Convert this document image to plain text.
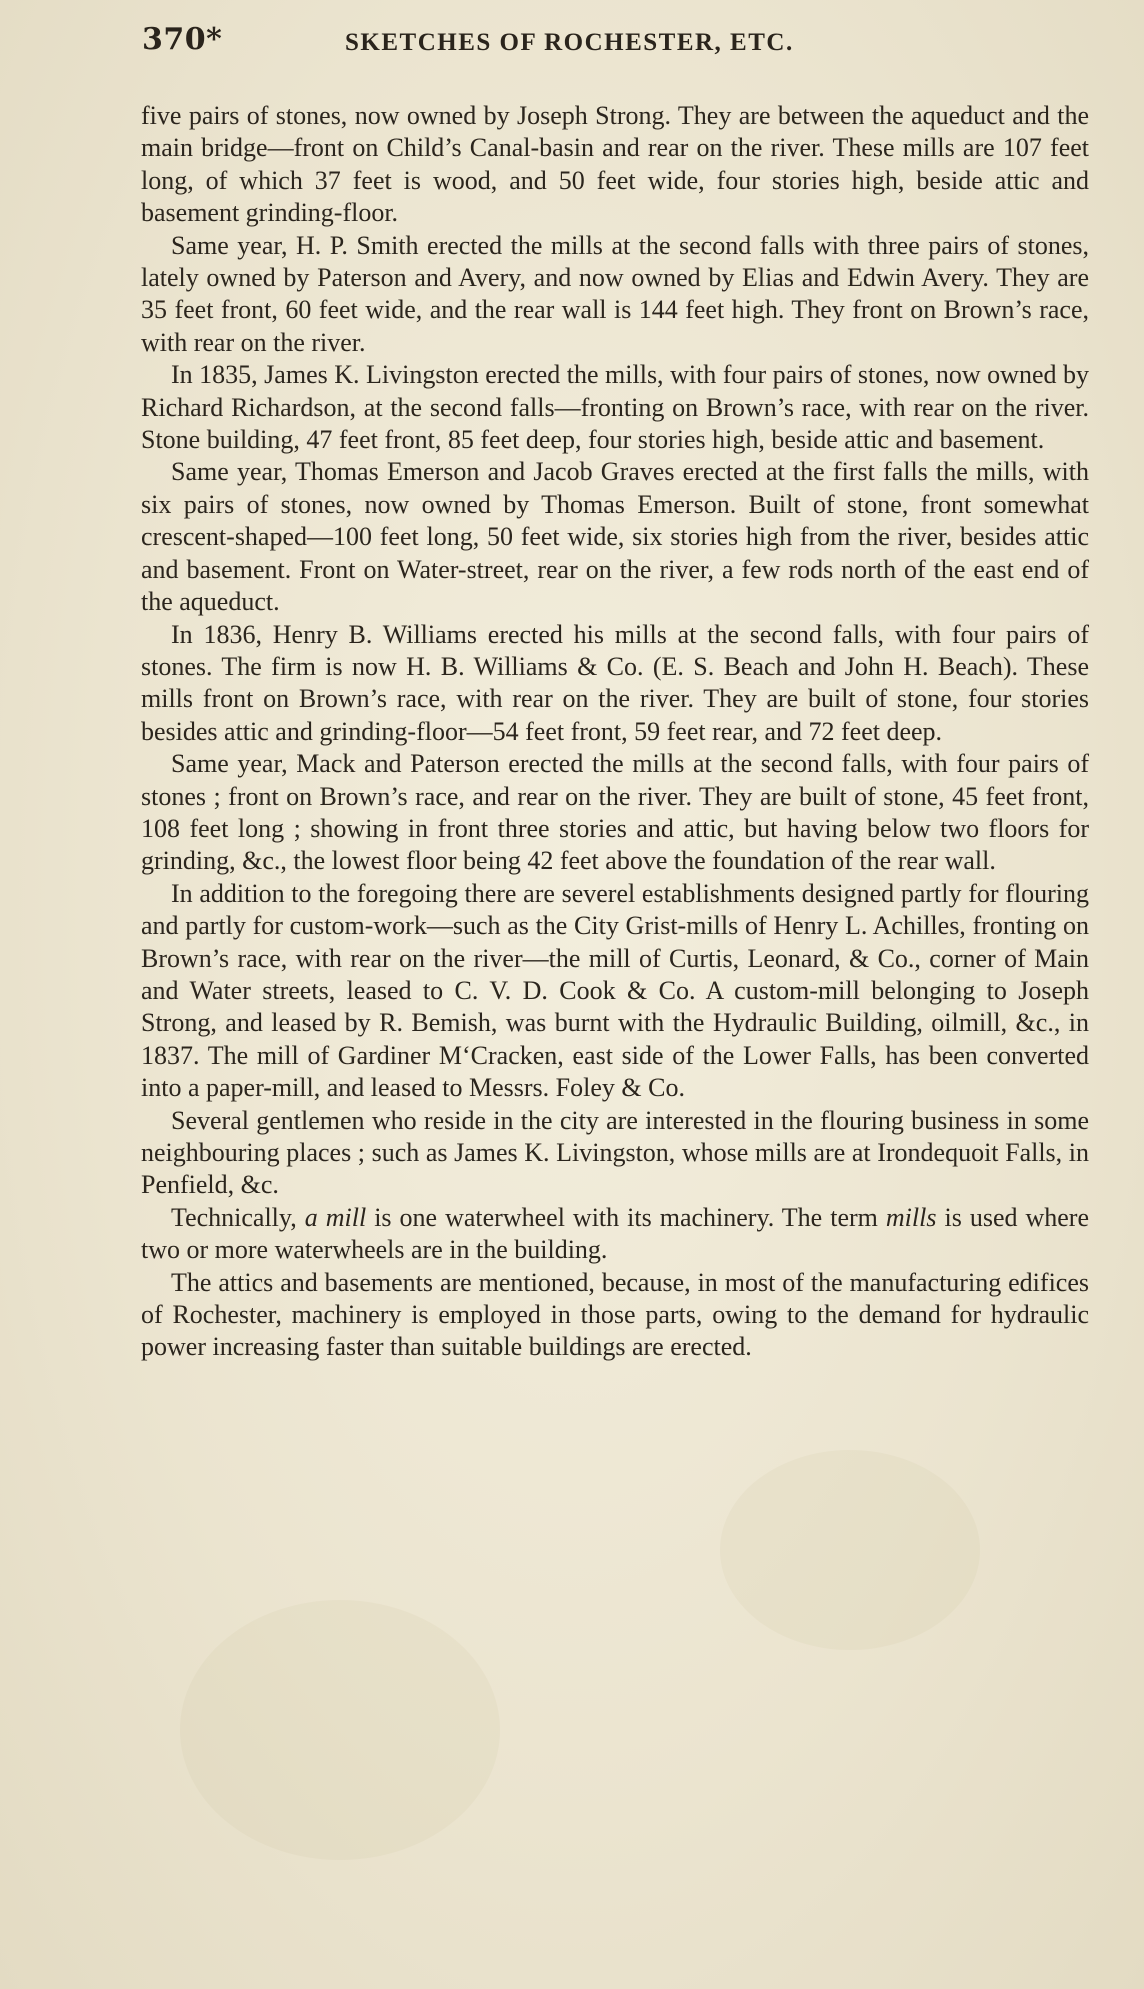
370*	SKETCHES OF ROCHESTER, ETC.

five pairs of stones, now owned by Joseph Strong. They are between the aqueduct and the main bridge—front on Child’s Canal-basin and rear on the river. These mills are 107 feet long, of which 37 feet is wood, and 50 feet wide, four stories high, beside attic and basement grinding-floor.

Same year, H. P. Smith erected the mills at the second falls with three pairs of stones, lately owned by Paterson and Avery, and now owned by Elias and Edwin Avery. They are 35 feet front, 60 feet wide, and the rear wall is 144 feet high. They front on Brown’s race, with rear on the river.

In 1835, James K. Livingston erected the mills, with four pairs of stones, now owned by Richard Richardson, at the second falls—fronting on Brown’s race, with rear on the river. Stone building, 47 feet front, 85 feet deep, four stories high, beside attic and basement.

Same year, Thomas Emerson and Jacob Graves erected at the first falls the mills, with six pairs of stones, now owned by Thomas Emerson. Built of stone, front somewhat crescent-shaped—100 feet long, 50 feet wide, six stories high from the river, besides attic and basement. Front on Water-street, rear on the river, a few rods north of the east end of the aqueduct.

In 1836, Henry B. Williams erected his mills at the second falls, with four pairs of stones. The firm is now H. B. Williams & Co. (E. S. Beach and John H. Beach). These mills front on Brown’s race, with rear on the river. They are built of stone, four stories besides attic and grinding-floor—54 feet front, 59 feet rear, and 72 feet deep.

Same year, Mack and Paterson erected the mills at the second falls, with four pairs of stones ; front on Brown’s race, and rear on the river. They are built of stone, 45 feet front, 108 feet long ; showing in front three stories and attic, but having below two floors for grinding, &c., the lowest floor being 42 feet above the foundation of the rear wall.

In addition to the foregoing there are severel establishments designed partly for flouring and partly for custom-work—such as the City Grist-mills of Henry L. Achilles, fronting on Brown’s race, with rear on the river—the mill of Curtis, Leonard, & Co., corner of Main and Water streets, leased to C. V. D. Cook & Co. A custom-mill belonging to Joseph Strong, and leased by R. Bemish, was burnt with the Hydraulic Building, oilmill, &c., in 1837. The mill of Gardiner M‘Cracken, east side of the Lower Falls, has been converted into a paper-mill, and leased to Messrs. Foley & Co.

Several gentlemen who reside in the city are interested in the flouring business in some neighbouring places ; such as James K. Livingston, whose mills are at Irondequoit Falls, in Penfield, &c.

Technically, a mill is one waterwheel with its machinery. The term mills is used where two or more waterwheels are in the building.

The attics and basements are mentioned, because, in most of the manufacturing edifices of Rochester, machinery is employed in those parts, owing to the demand for hydraulic power increasing faster than suitable buildings are erected.
